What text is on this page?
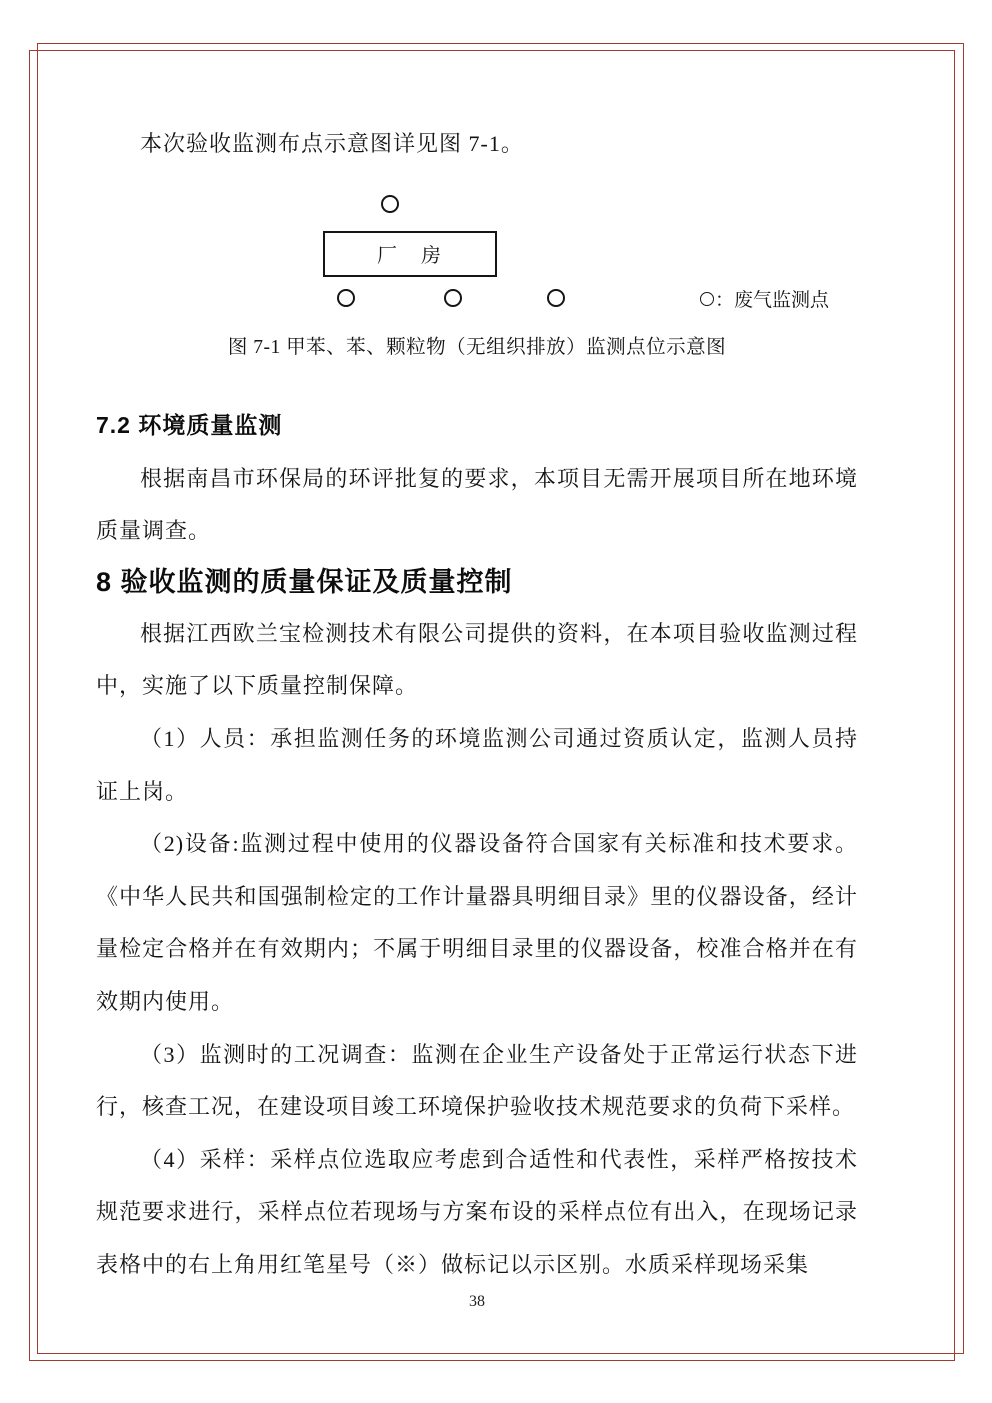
本次验收监测布点示意图详见图 7-1。

厂　房
：废气监测点
图 7-1 甲苯、苯、颗粒物（无组织排放）监测点位示意图
7.2 环境质量监测

根据南昌市环保局的环评批复的要求，本项目无需开展项目所在地环境质量调查。

8 验收监测的质量保证及质量控制

根据江西欧兰宝检测技术有限公司提供的资料，在本项目验收监测过程中，实施了以下质量控制保障。

（1）人员：承担监测任务的环境监测公司通过资质认定，监测人员持证上岗。

（2)设备:监测过程中使用的仪器设备符合国家有关标准和技术要求。《中华人民共和国强制检定的工作计量器具明细目录》里的仪器设备，经计量检定合格并在有效期内；不属于明细目录里的仪器设备，校准合格并在有效期内使用。

（3）监测时的工况调查：监测在企业生产设备处于正常运行状态下进行，核查工况，在建设项目竣工环境保护验收技术规范要求的负荷下采样。

（4）采样：采样点位选取应考虑到合适性和代表性，采样严格按技术规范要求进行，采样点位若现场与方案布设的采样点位有出入，在现场记录表格中的右上角用红笔星号（※）做标记以示区别。水质采样现场采集

38
